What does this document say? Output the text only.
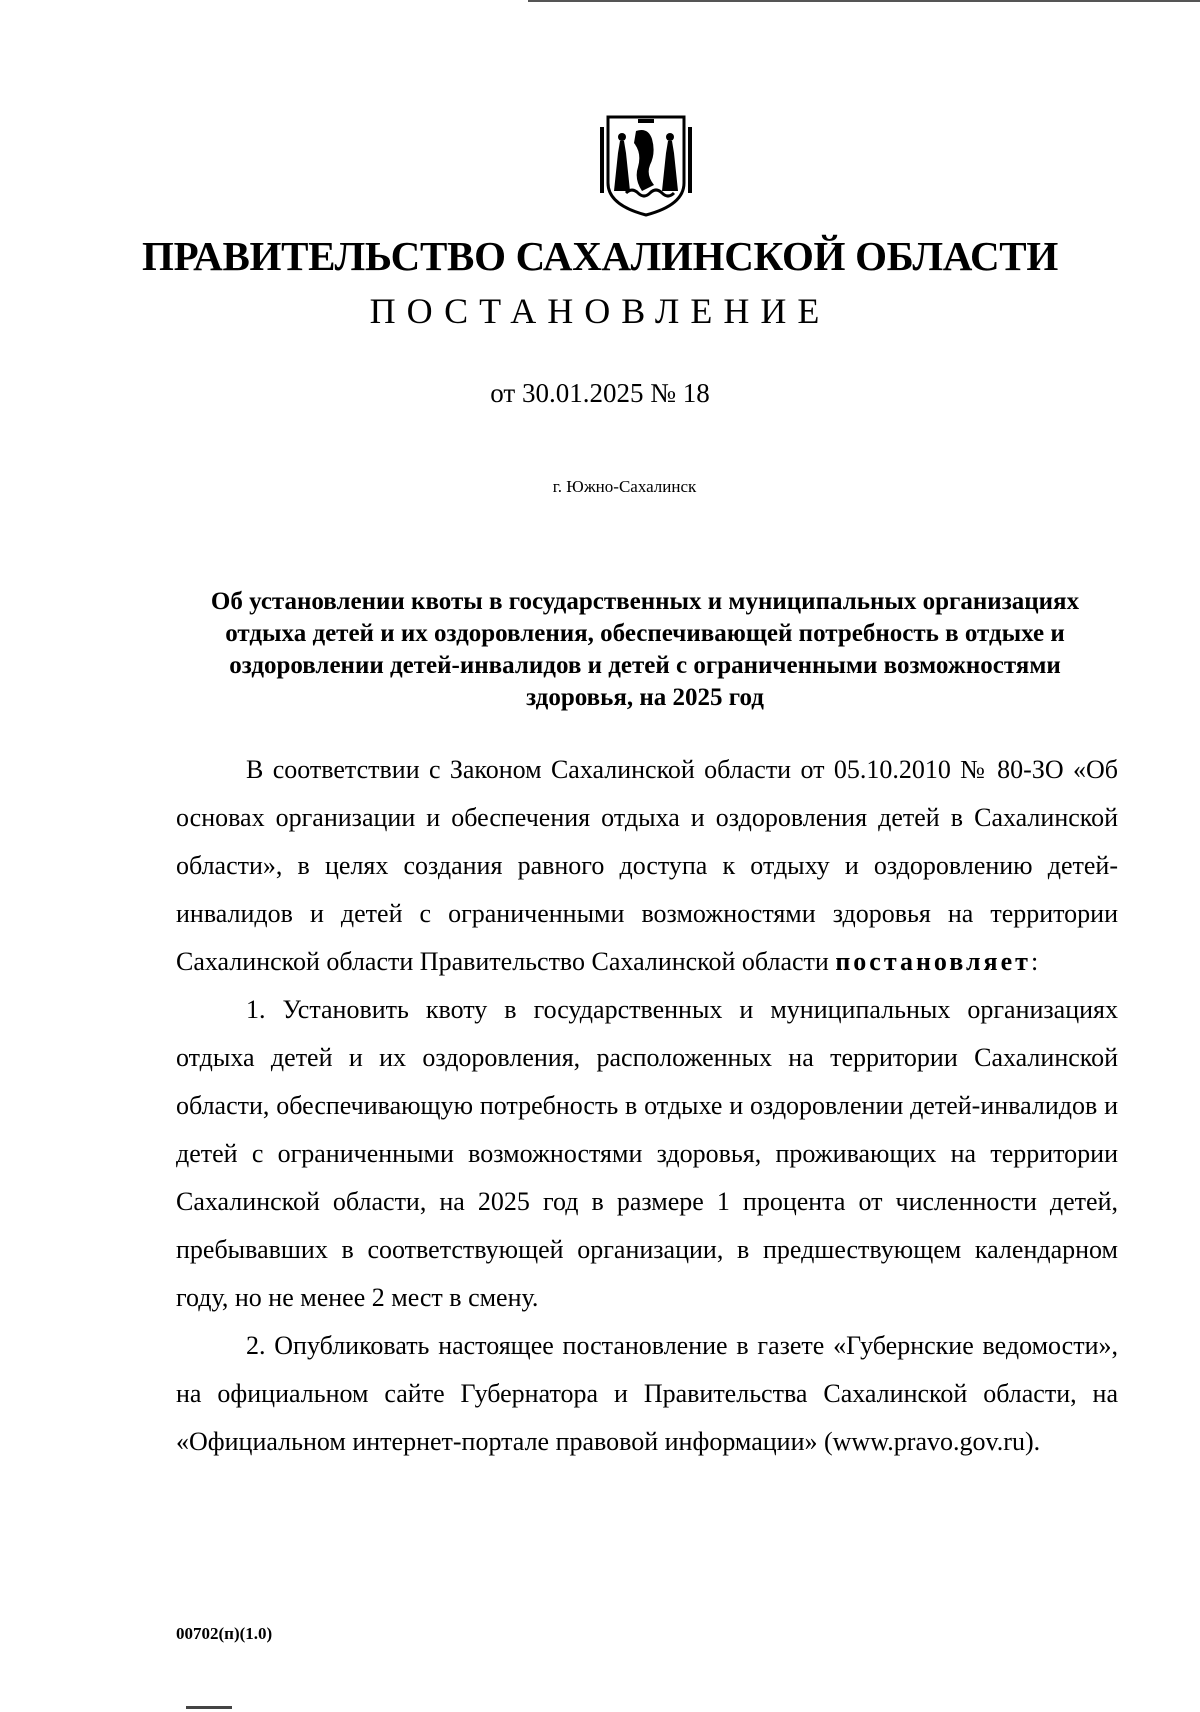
ПРАВИТЕЛЬСТВО САХАЛИНСКОЙ ОБЛАСТИ
ПОСТАНОВЛЕНИЕ
от 30.01.2025 № 18
г. Южно-Сахалинск
Об установлении квоты в государственных и муниципальных организациях отдыха детей и их оздоровления, обеспечивающей потребность в отдыхе и оздоровлении детей-инвалидов и детей с ограниченными возможностями здоровья, на 2025 год

В соответствии с Законом Сахалинской области от 05.10.2010 № 80-ЗО «Об основах организации и обеспечения отдыха и оздоровления детей в Сахалинской области», в целях создания равного доступа к отдыху и оздоровлению детей-инвалидов и детей с ограниченными возможностями здоровья на территории Сахалинской области Правительство Сахалинской области постановляет:

1. Установить квоту в государственных и муниципальных организациях отдыха детей и их оздоровления, расположенных на территории Сахалинской области, обеспечивающую потребность в отдыхе и оздоровлении детей-инвалидов и детей с ограниченными возможностями здоровья, проживающих на территории Сахалинской области, на 2025 год в размере 1 процента от численности детей, пребывавших в соответствующей организации, в предшествующем календарном году, но не менее 2 мест в смену.

2. Опубликовать настоящее постановление в газете «Губернские ведомости», на официальном сайте Губернатора и Правительства Сахалинской области, на «Официальном интернет-портале правовой информации» (www.pravo.gov.ru).

00702(п)(1.0)
